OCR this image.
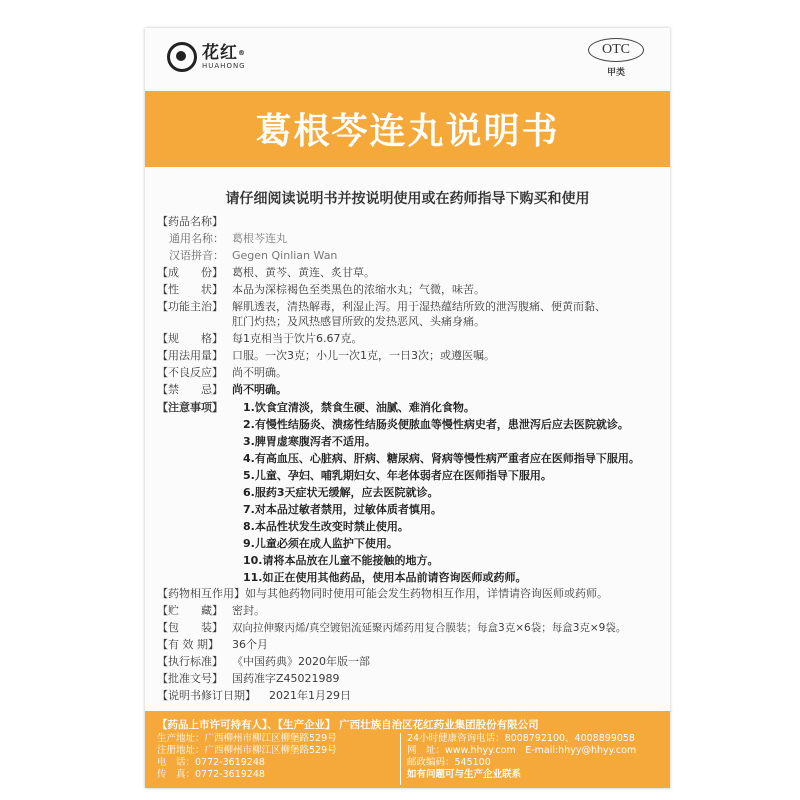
花红®
HUAHONG
OTC
甲类
葛根芩连丸说明书
请仔细阅读说明书并按说明使用或在药师指导下购买和使用
【药品名称】
通用名称： 葛根芩连丸
汉语拼音： Gegen Qinlian Wan
【成　　份】 葛根、黄芩、黄连、炙甘草。
【性　　状】 本品为深棕褐色至类黑色的浓缩水丸；气微，味苦。
【功能主治】 解肌透表，清热解毒，利湿止泻。用于湿热蕴结所致的泄泻腹痛、便黄而黏、
肛门灼热；及风热感冒所致的发热恶风、头痛身痛。
【规　　格】 每1克相当于饮片6.67克。
【用法用量】 口服。一次3克；小儿一次1克，一日3次；或遵医嘱。
【不良反应】 尚不明确。
【禁　　忌】 尚不明确。
【注意事项】	1.饮食宜清淡，禁食生硬、油腻、难消化食物。
2.有慢性结肠炎、溃疡性结肠炎便脓血等慢性病史者，患泄泻后应去医院就诊。
3.脾胃虚寒腹泻者不适用。
4.有高血压、心脏病、肝病、糖尿病、肾病等慢性病严重者应在医师指导下服用。
5.儿童、孕妇、哺乳期妇女、年老体弱者应在医师指导下服用。
6.服药3天症状无缓解，应去医院就诊。
7.对本品过敏者禁用，过敏体质者慎用。
8.本品性状发生改变时禁止使用。
9.儿童必须在成人监护下使用。
10.请将本品放在儿童不能接触的地方。
11.如正在使用其他药品，使用本品前请咨询医师或药师。
【药物相互作用】 如与其他药物同时使用可能会发生药物相互作用，详情请咨询医师或药师。
【贮　　藏】 密封。
【包　　装】 双向拉伸聚丙烯/真空镀铝流延聚丙烯药用复合膜装；每盒3克×6袋；每盒3克×9袋。
【有 效 期】	36个月
【执行标准】 《中国药典》2020年版一部
【批准文号】 国药准字Z45021989
【说明书修订日期】	2021年1月29日
【药品上市许可持有人】、【生产企业】 广西壮族自治区花红药业集团股份有限公司
生产地址：广西柳州市柳江区柳堡路529号
注册地址：广西柳州市柳江区柳堡路529号
电　话：0772-3619248
传　真：0772-3619248
24小时健康咨询电话：8008792100、4008899058
网　址：www.hhyy.com　E-mail:hhyy@hhyy.com
邮政编码：545100
如有问题可与生产企业联系
